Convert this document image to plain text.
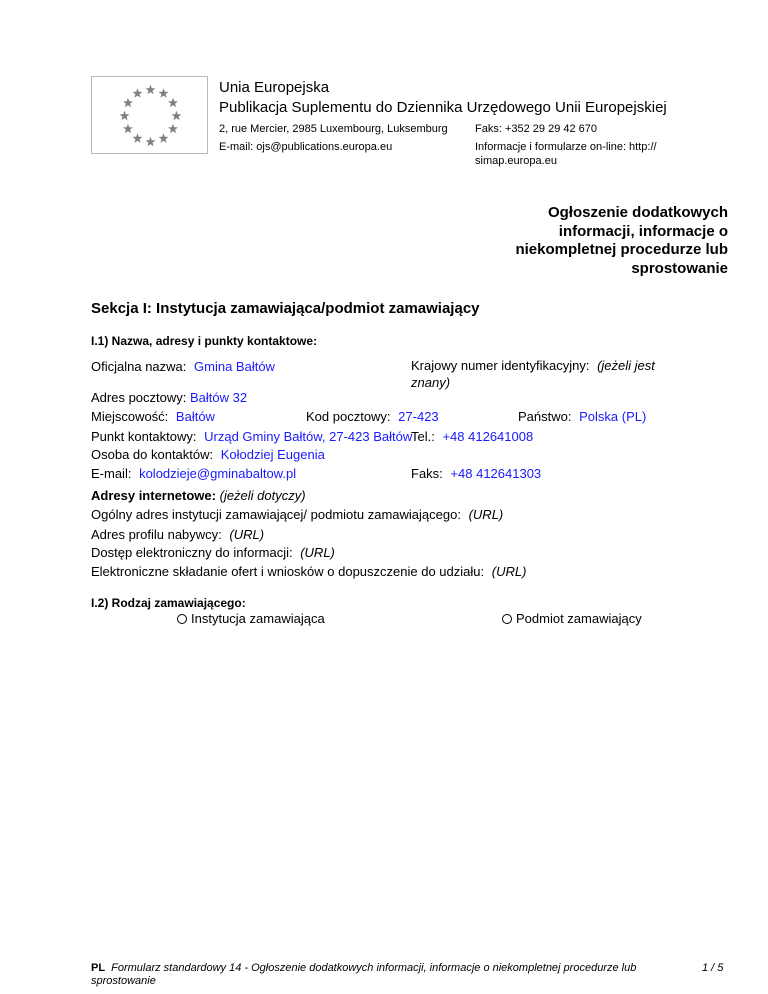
Unia Europejska
Publikacja Suplementu do Dziennika Urzędowego Unii Europejskiej
2, rue Mercier, 2985 Luxembourg, Luksemburg Faks: +352 29 29 42 670
E-mail: ojs@publications.europa.eu	Informacje i formularze on-line: http:// simap.europa.eu
Ogłoszenie dodatkowych informacji, informacje o niekompletnej procedurze lub sprostowanie
Sekcja I: Instytucja zamawiająca/podmiot zamawiający
I.1) Nazwa, adresy i punkty kontaktowe:
Oficjalna nazwa: Gmina Bałtów	Krajowy numer identyfikacyjny: (jeżeli jest znany)
Adres pocztowy: Bałtów 32
Miejscowość: Bałtów	Kod pocztowy: 27-423	Państwo: Polska (PL)
Punkt kontaktowy: Urząd Gminy Bałtów, 27-423 Bałtów
Tel.: +48 412641008
Osoba do kontaktów: Kołodziej Eugenia
E-mail: kolodzieje@gminabaltow.pl	Faks: +48 412641303
Adresy internetowe: (jeżeli dotyczy)
Ogólny adres instytucji zamawiającej/ podmiotu zamawiającego: (URL)
Adres profilu nabywcy: (URL)
Dostęp elektroniczny do informacji: (URL)
Elektroniczne składanie ofert i wniosków o dopuszczenie do udziału: (URL)
I.2) Rodzaj zamawiającego:
Instytucja zamawiająca	Podmiot zamawiający
PL Formularz standardowy 14 - Ogłoszenie dodatkowych informacji, informacje o niekompletnej procedurze lub sprostowanie
1 / 5
